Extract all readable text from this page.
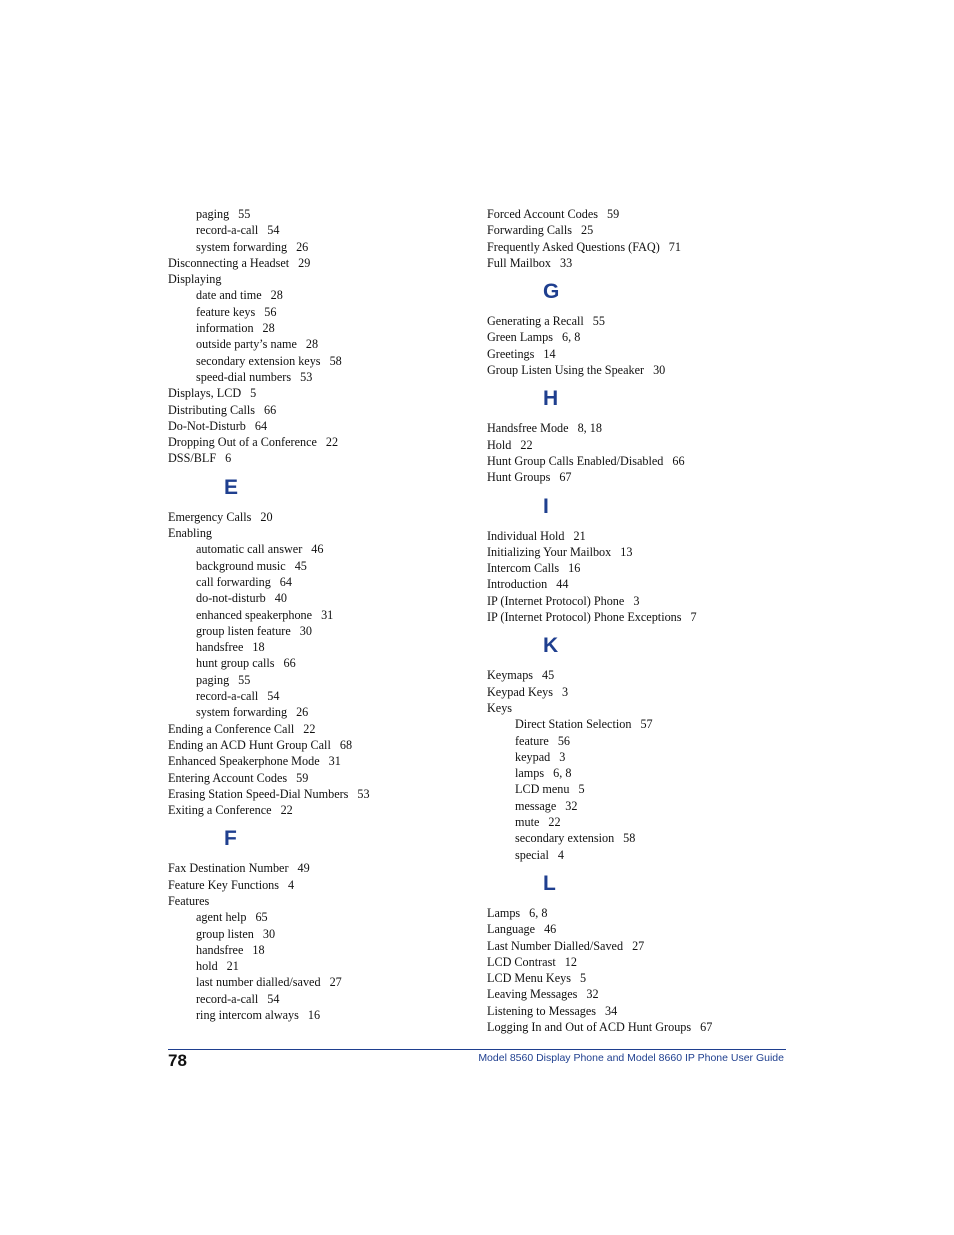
paging 55
record-a-call 54
system forwarding 26
Disconnecting a Headset 29
Displaying
date and time 28
feature keys 56
information 28
outside party’s name 28
secondary extension keys 58
speed-dial numbers 53
Displays, LCD 5
Distributing Calls 66
Do-Not-Disturb 64
Dropping Out of a Conference 22
DSS/BLF 6
E
Emergency Calls 20
Enabling
automatic call answer 46
background music 45
call forwarding 64
do-not-disturb 40
enhanced speakerphone 31
group listen feature 30
handsfree 18
hunt group calls 66
paging 55
record-a-call 54
system forwarding 26
Ending a Conference Call 22
Ending an ACD Hunt Group Call 68
Enhanced Speakerphone Mode 31
Entering Account Codes 59
Erasing Station Speed-Dial Numbers 53
Exiting a Conference 22
F
Fax Destination Number 49
Feature Key Functions 4
Features
agent help 65
group listen 30
handsfree 18
hold 21
last number dialled/saved 27
record-a-call 54
ring intercom always 16
Forced Account Codes 59
Forwarding Calls 25
Frequently Asked Questions (FAQ) 71
Full Mailbox 33
G
Generating a Recall 55
Green Lamps 6, 8
Greetings 14
Group Listen Using the Speaker 30
H
Handsfree Mode 8, 18
Hold 22
Hunt Group Calls Enabled/Disabled 66
Hunt Groups 67
I
Individual Hold 21
Initializing Your Mailbox 13
Intercom Calls 16
Introduction 44
IP (Internet Protocol) Phone 3
IP (Internet Protocol) Phone Exceptions 7
K
Keymaps 45
Keypad Keys 3
Keys
Direct Station Selection 57
feature 56
keypad 3
lamps 6, 8
LCD menu 5
message 32
mute 22
secondary extension 58
special 4
L
Lamps 6, 8
Language 46
Last Number Dialled/Saved 27
LCD Contrast 12
LCD Menu Keys 5
Leaving Messages 32
Listening to Messages 34
Logging In and Out of ACD Hunt Groups 67
78	Model 8560 Display Phone and Model 8660 IP Phone User Guide
